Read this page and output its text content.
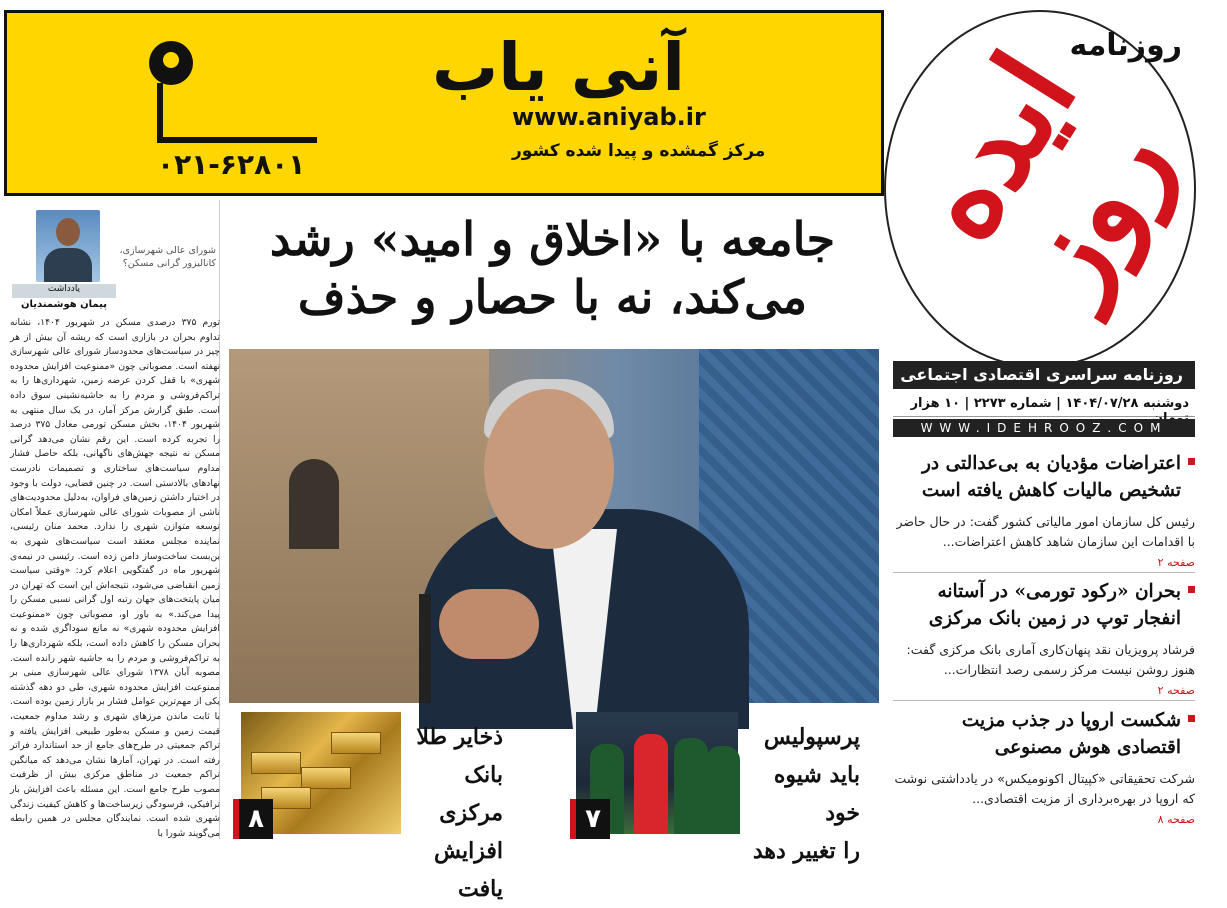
روزنامه
ایده روز
روزنامه سراسری اقتصادی اجتماعی
دوشنبه ۱۴۰۴/۰۷/۲۸ | شماره ۲۲۷۳ | ۱۰ هزار
WWW.IDEHROOZ.COM
آنی یاب
www.aniyab.ir
مرکز گمشده و پیدا شده کشور
۰۲۱-۶۲۸۰۱
شورای عالی شهرسازی، کانالیزور گرانی مسکن؟
یادداشت
پیمان هوشمندیان
تورم ۳۷۵ درصدی مسکن در شهریور ۱۴۰۴، نشانه تداوم بحران در بازاری است که ریشه آن بیش از هر چیز در سیاست‌های محدودساز شورای عالی شهرسازی نهفته است. مصوباتی چون «ممنوعیت افزایش محدوده شهری» با قفل کردن عرضه زمین، شهرداری‌ها را به تراکم‌فروشی و مردم را به حاشیه‌نشینی سوق داده است. طبق گزارش مرکز آمار، در یک سال منتهی به شهریور ۱۴۰۴، بخش مسکن تورمی معادل ۳۷۵ درصد را تجربه کرده است. این رقم نشان می‌دهد گرانی مسکن نه نتیجه جهش‌های ناگهانی، بلکه حاصل فشار مداوم سیاست‌های ساختاری و تصمیمات نادرست نهادهای بالادستی است. در چنین فضایی، دولت با وجود در اختیار داشتن زمین‌های فراوان، به‌دلیل محدودیت‌های ناشی از مصوبات شورای عالی شهرسازی عملاً امکان توسعه متوازن شهری را ندارد. محمد منان رئیسی، نماینده مجلس معتقد است سیاست‌های شهری به بن‌بست ساخت‌وساز دامن زده است. رئیسی در نیمه‌ی شهریور ماه در گفتگویی اعلام کرد: «وقتی سیاست زمین انقباضی می‌شود، نتیجه‌اش این است که تهران در میان پایتخت‌های جهان رتبه اول گرانی نسبی مسکن را پیدا می‌کند.» به باور او، مصوباتی چون «ممنوعیت افزایش محدوده شهری» نه مانع سوداگری شده و نه بحران مسکن را کاهش داده است، بلکه شهرداری‌ها را به تراکم‌فروشی و مردم را به حاشیه شهر رانده است. مصوبه آبان ۱۳۷۸ شورای عالی شهرسازی مبنی بر ممنوعیت افزایش محدوده شهری، طی دو دهه گذشته یکی از مهم‌ترین عوامل فشار بر بازار زمین بوده است. با ثابت ماندن مرزهای شهری و رشد مداوم جمعیت، قیمت زمین و مسکن به‌طور طبیعی افزایش یافته و تراکم جمعیتی در طرح‌های جامع از حد استاندارد فراتر رفته است. در تهران، آمارها نشان می‌دهد که میانگین تراکم جمعیت در مناطق مرکزی بیش از ظرفیت مصوب طرح جامع است. این مسئله باعث افزایش بار ترافیکی، فرسودگی زیرساخت‌ها و کاهش کیفیت زندگی شهری شده است. نمایندگان مجلس در همین رابطه می‌گویند شورا با
جامعه با «اخلاق و امید» رشد
می‌کند، نه با حصار و حذف
۸
ذخایر طلا
بانک مرکزی
افزایش یافت
۷
پرسپولیس
باید شیوه خود
را تغییر دهد
اعتراضات مؤدیان به بی‌عدالتی در تشخیص مالیات کاهش یافته است
رئیس کل سازمان امور مالیاتی کشور گفت: در حال حاضر با اقدامات این سازمان شاهد کاهش اعتراضات...
صفحه ۲
بحران «رکود تورمی» در آستانه انفجار توپ در زمین بانک مرکزی
فرشاد پرویزیان نقد پنهان‌کاری آماری بانک مرکزی گفت: هنوز روشن نیست مرکز رسمی رصد انتظارات...
صفحه ۲
شکست اروپا در جذب مزیت اقتصادی هوش مصنوعی
شرکت تحقیقاتی «کپیتال اکونومیکس» در یادداشتی نوشت که اروپا در بهره‌برداری از مزیت اقتصادی...
صفحه ۸
